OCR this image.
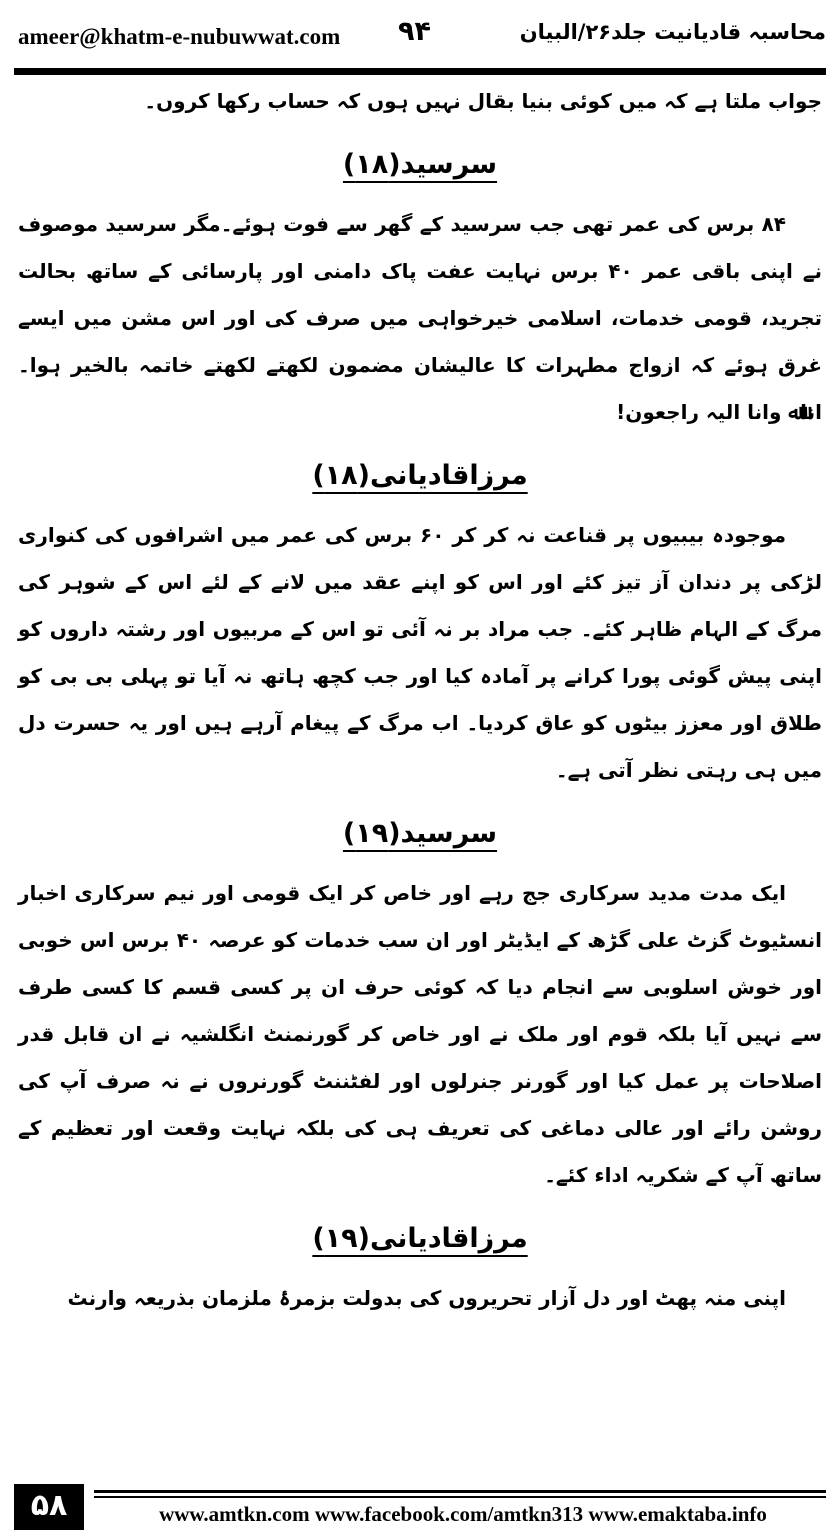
ameer@khatm-e-nubuwwat.com ۹۴	محاسبہ قادیانیت جلد۲۶/البیان

جواب ملتا ہے کہ میں کوئی بنیا بقال نہیں ہوں کہ حساب رکھا کروں۔

سرسید(۱۸)

۸۴ برس کی عمر تھی جب سرسید کے گھر سے فوت ہوئے۔مگر سرسید موصوف نے اپنی باقی عمر ۴۰ برس نہایت عفت پاک دامنی اور پارسائی کے ساتھ بحالت تجرید، قومی خدمات، اسلامی خیرخواہی میں صرف کی اور اس مشن میں ایسے غرق ہوئے کہ ازواج مطہرات کا عالیشان مضمون لکھتے لکھتے خاتمہ بالخیر ہوا۔ اناﷲ وانا الیہ راجعون!

مرزاقادیانی(۱۸)

موجودہ بیبیوں پر قناعت نہ کر کر ۶۰ برس کی عمر میں اشرافوں کی کنواری لڑکی پر دندان آز تیز کئے اور اس کو اپنے عقد میں لانے کے لئے اس کے شوہر کی مرگ کے الہام ظاہر کئے۔ جب مراد بر نہ آئی تو اس کے مربیوں اور رشتہ داروں کو اپنی پیش گوئی پورا کرانے پر آمادہ کیا اور جب کچھ ہاتھ نہ آیا تو پہلی بی بی کو طلاق اور معزز بیٹوں کو عاق کردیا۔ اب مرگ کے پیغام آرہے ہیں اور یہ حسرت دل میں ہی رہتی نظر آتی ہے۔

سرسید(۱۹)

ایک مدت مدید سرکاری جج رہے اور خاص کر ایک قومی اور نیم سرکاری اخبار انسٹیوٹ گزٹ علی گڑھ کے ایڈیٹر اور ان سب خدمات کو عرصہ ۴۰ برس اس خوبی اور خوش اسلوبی سے انجام دیا کہ کوئی حرف ان پر کسی قسم کا کسی طرف سے نہیں آیا بلکہ قوم اور ملک نے اور خاص کر گورنمنٹ انگلشیہ نے ان قابل قدر اصلاحات پر عمل کیا اور گورنر جنرلوں اور لفٹننٹ گورنروں نے نہ صرف آپ کی روشن رائے اور عالی دماغی کی تعریف ہی کی بلکہ نہایت وقعت اور تعظیم کے ساتھ آپ کے شکریہ اداء کئے۔

مرزاقادیانی(۱۹)

اپنی منہ پھٹ اور دل آزار تحریروں کی بدولت بزمرۂ ملزمان بذریعہ وارنٹ

۵۸	www.amtkn.com www.facebook.com/amtkn313 www.emaktaba.info
